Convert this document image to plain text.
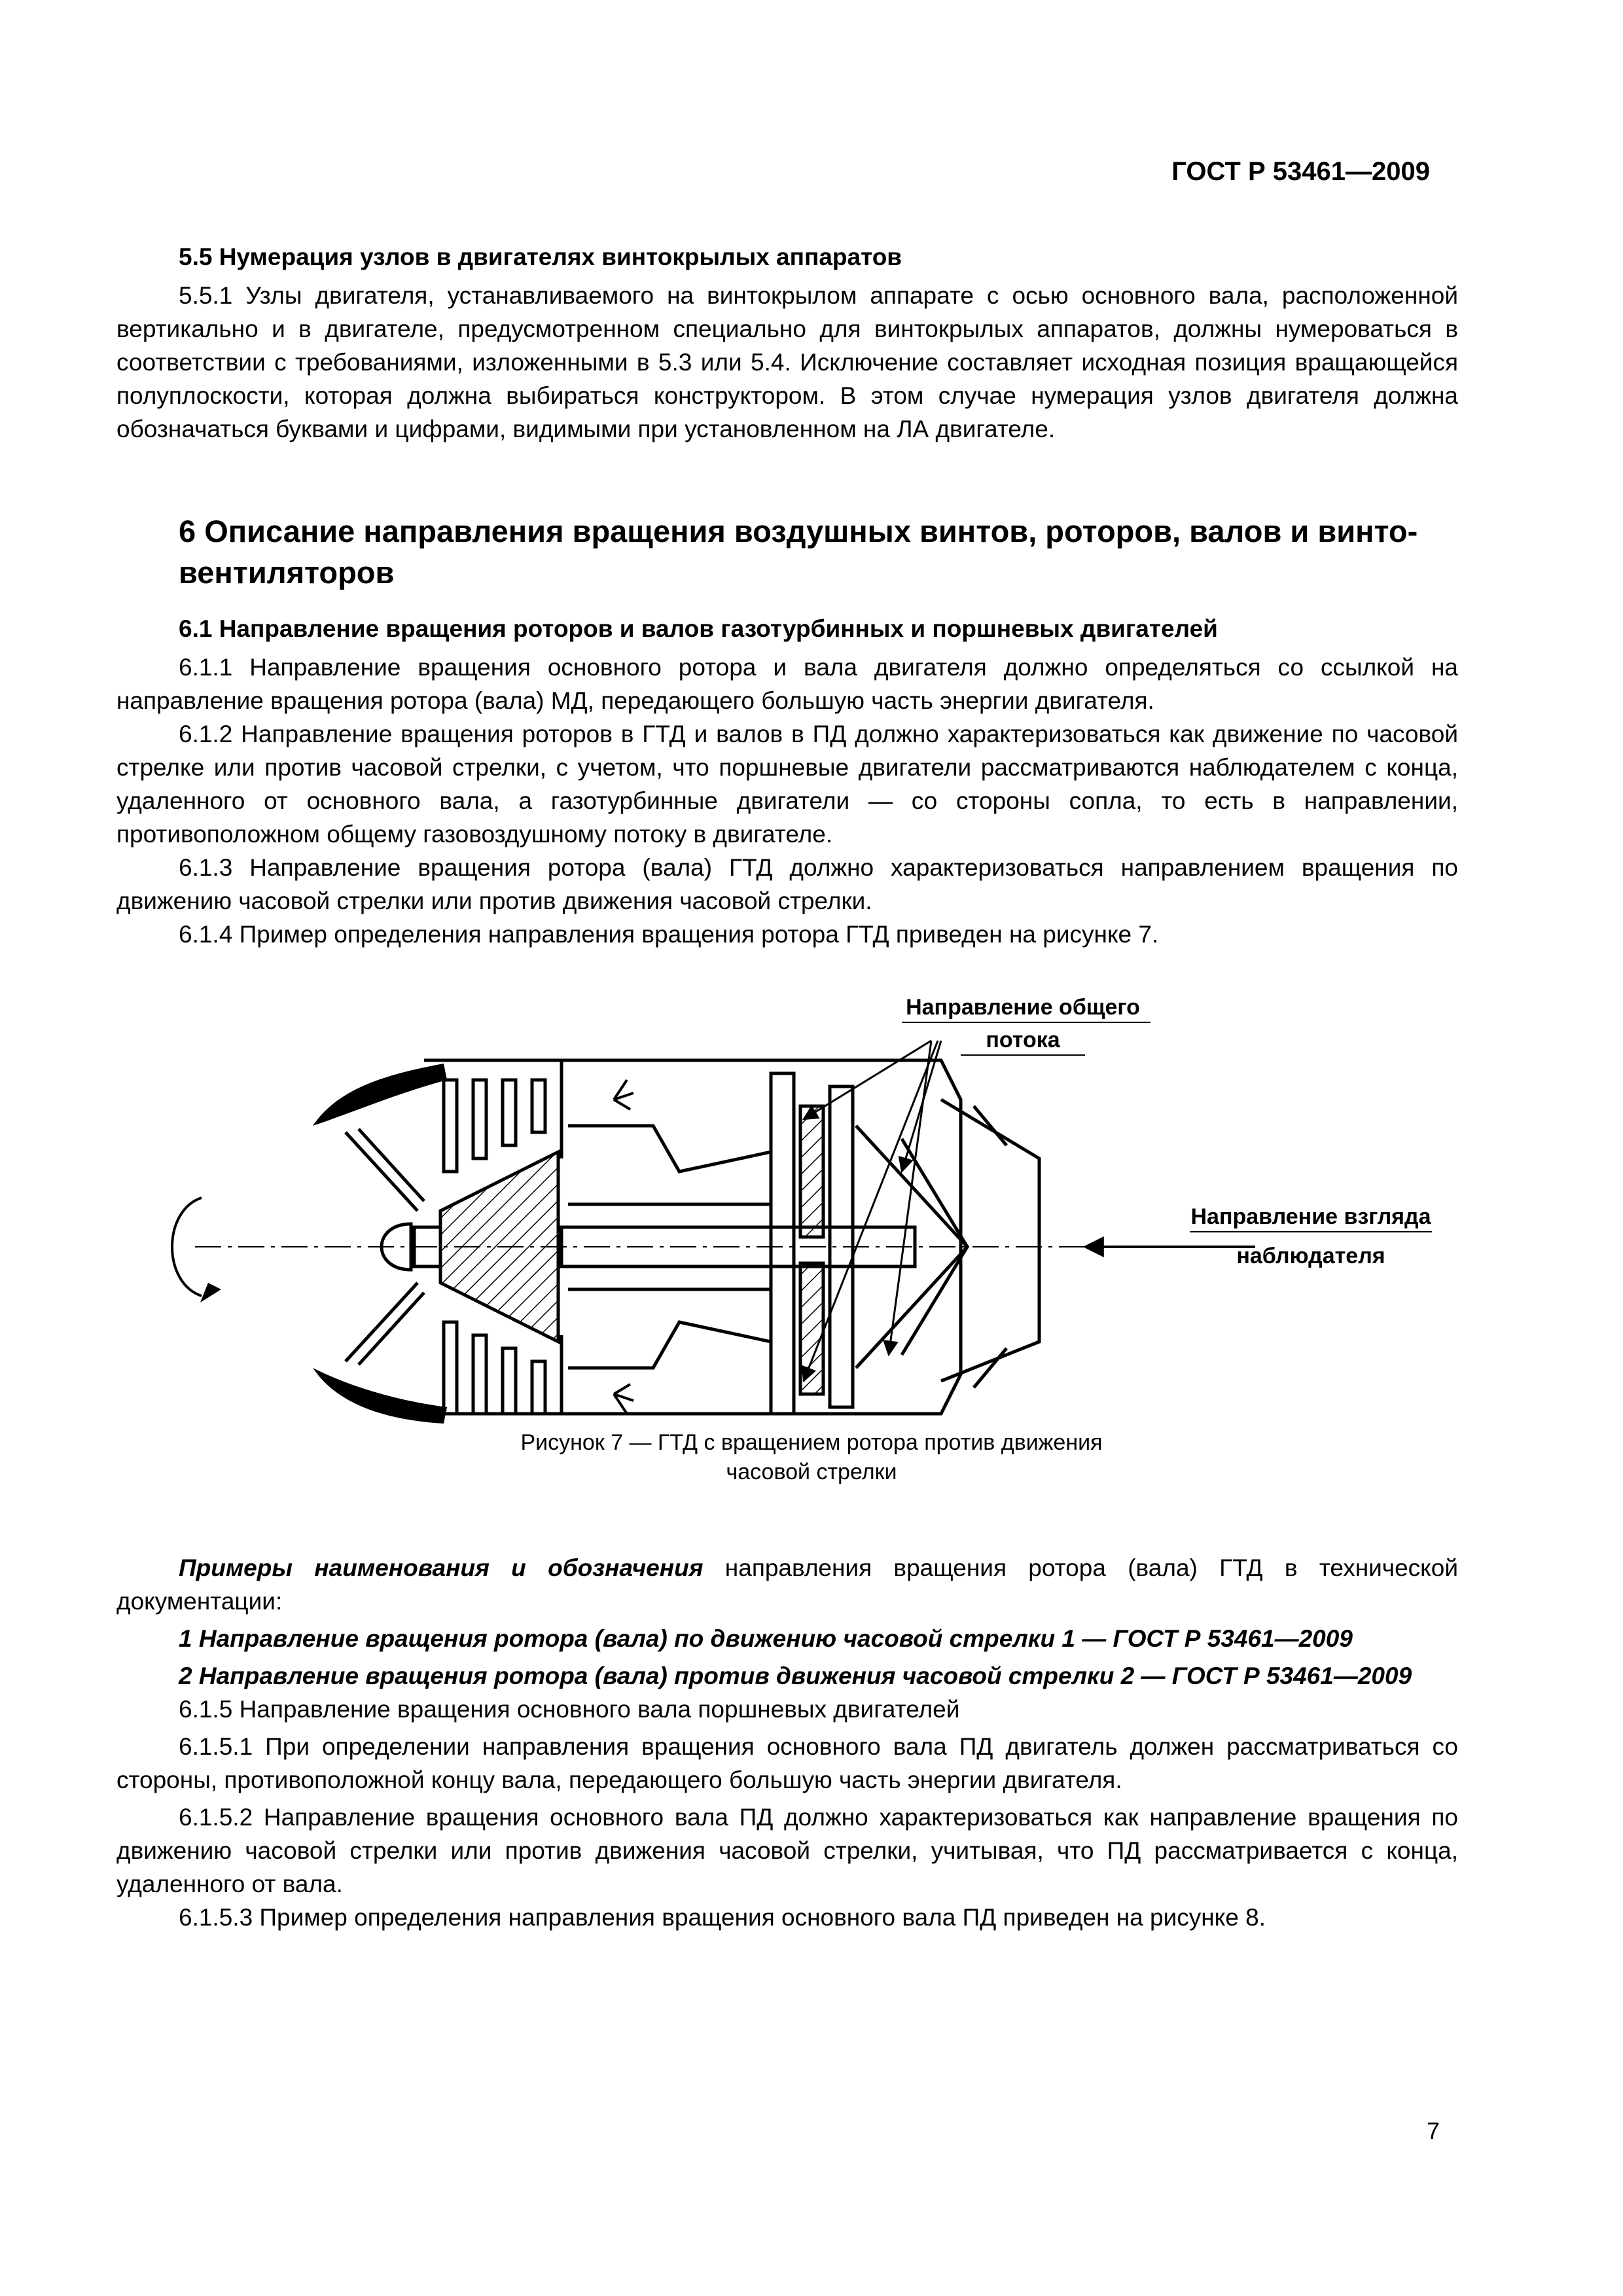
ГОСТ Р 53461—2009
5.5 Нумерация узлов в двигателях винтокрылых аппаратов

5.5.1 Узлы двигателя, устанавливаемого на винтокрылом аппарате с осью основного вала, расположенной вертикально и в двигателе, предусмотренном специально для винтокрылых аппаратов, должны нумероваться в соответствии с требованиями, изложенными в 5.3 или 5.4. Исключение составляет исходная позиция вращающейся полуплоскости, которая должна выбираться конструктором. В этом случае нумерация узлов двигателя должна обозначаться буквами и цифрами, видимыми при установленном на ЛА двигателе.

6 Описание направления вращения воздушных винтов, роторов, валов и винто-вентиляторов
6.1 Направление вращения роторов и валов газотурбинных и поршневых двигателей

6.1.1 Направление вращения основного ротора и вала двигателя должно определяться со ссылкой на направление вращения ротора (вала) МД, передающего большую часть энергии двигателя.

6.1.2 Направление вращения роторов в ГТД и валов в ПД должно характеризоваться как движение по часовой стрелке или против часовой стрелки, с учетом, что поршневые двигатели рассматриваются наблюдателем с конца, удаленного от основного вала, а газотурбинные двигатели — со стороны сопла, то есть в направлении, противоположном общему газовоздушному потоку в двигателе.

6.1.3 Направление вращения ротора (вала) ГТД должно характеризоваться направлением вращения по движению часовой стрелки или против движения часовой стрелки.

6.1.4 Пример определения направления вращения ротора ГТД приведен на рисунке 7.

Направление общего
потока
Направление взгляда
наблюдателя
Рисунок 7 — ГТД с вращением ротора против движения
часовой стрелки

Примеры наименования и обозначения направления вращения ротора (вала) ГТД в технической документации:

1 Направление вращения ротора (вала) по движению часовой стрелки 1 — ГОСТ Р 53461—2009

2 Направление вращения ротора (вала) против движения часовой стрелки 2 — ГОСТ Р 53461—2009

6.1.5 Направление вращения основного вала поршневых двигателей

6.1.5.1 При определении направления вращения основного вала ПД двигатель должен рассматриваться со стороны, противоположной концу вала, передающего большую часть энергии двигателя.

6.1.5.2 Направление вращения основного вала ПД должно характеризоваться как направление вращения по движению часовой стрелки или против движения часовой стрелки, учитывая, что ПД рассматривается с конца, удаленного от вала.

6.1.5.3 Пример определения направления вращения основного вала ПД приведен на рисунке 8.

7
